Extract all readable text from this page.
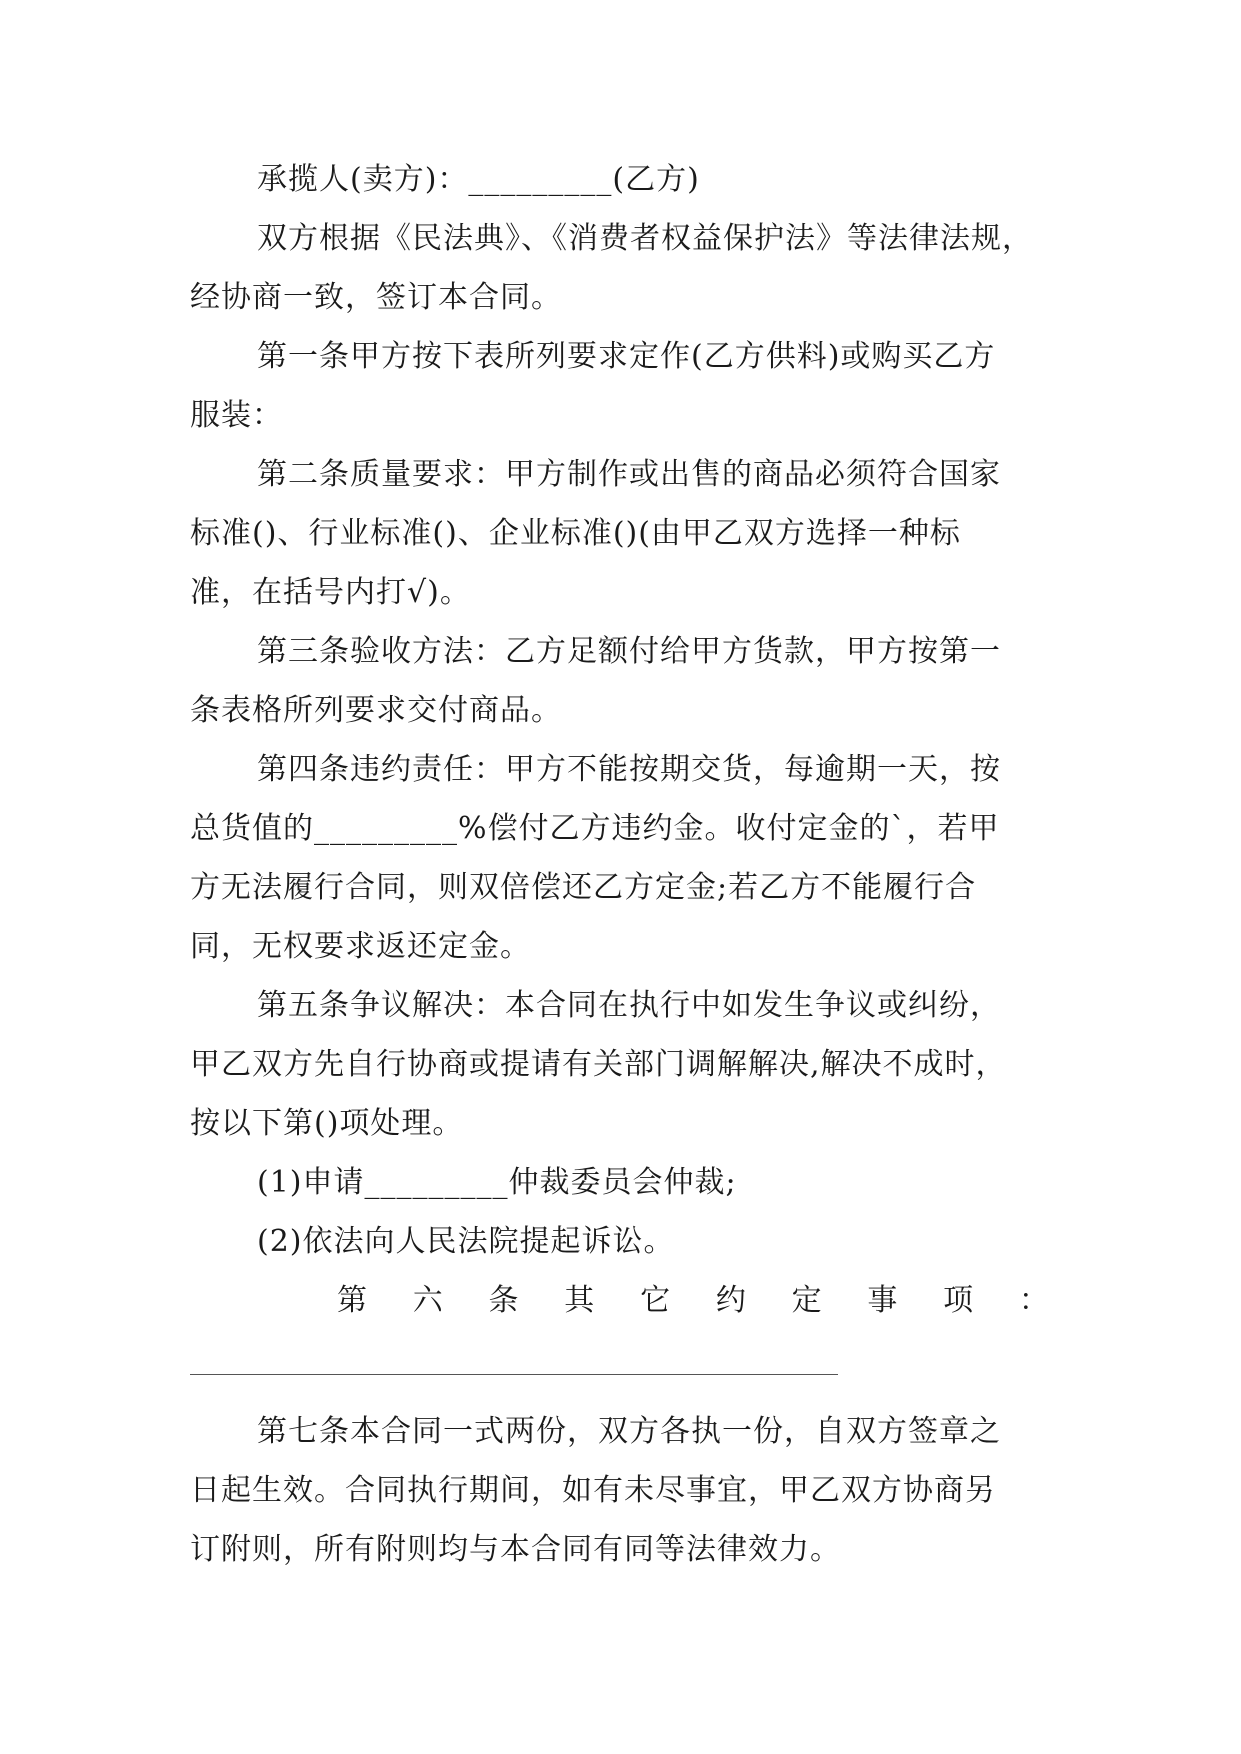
承揽人(卖方)：_________(乙方)
双方根据《民法典》、《消费者权益保护法》等法律法规，
经协商一致，签订本合同。
第一条甲方按下表所列要求定作(乙方供料)或购买乙方
服装：
第二条质量要求：甲方制作或出售的商品必须符合国家
标准()、行业标准()、企业标准()(由甲乙双方选择一种标
准，在括号内打√)。
第三条验收方法：乙方足额付给甲方货款，甲方按第一
条表格所列要求交付商品。
第四条违约责任：甲方不能按期交货，每逾期一天，按
总货值的_________%偿付乙方违约金。收付定金的`，若甲
方无法履行合同，则双倍偿还乙方定金;若乙方不能履行合
同，无权要求返还定金。
第五条争议解决：本合同在执行中如发生争议或纠纷，
甲乙双方先自行协商或提请有关部门调解解决,解决不成时，
按以下第()项处理。
(1)申请_________仲裁委员会仲裁;
(2)依法向人民法院提起诉讼。
第 六 条 其 它 约 定 事 项 ：
第七条本合同一式两份，双方各执一份，自双方签章之
日起生效。合同执行期间，如有未尽事宜，甲乙双方协商另
订附则，所有附则均与本合同有同等法律效力。
